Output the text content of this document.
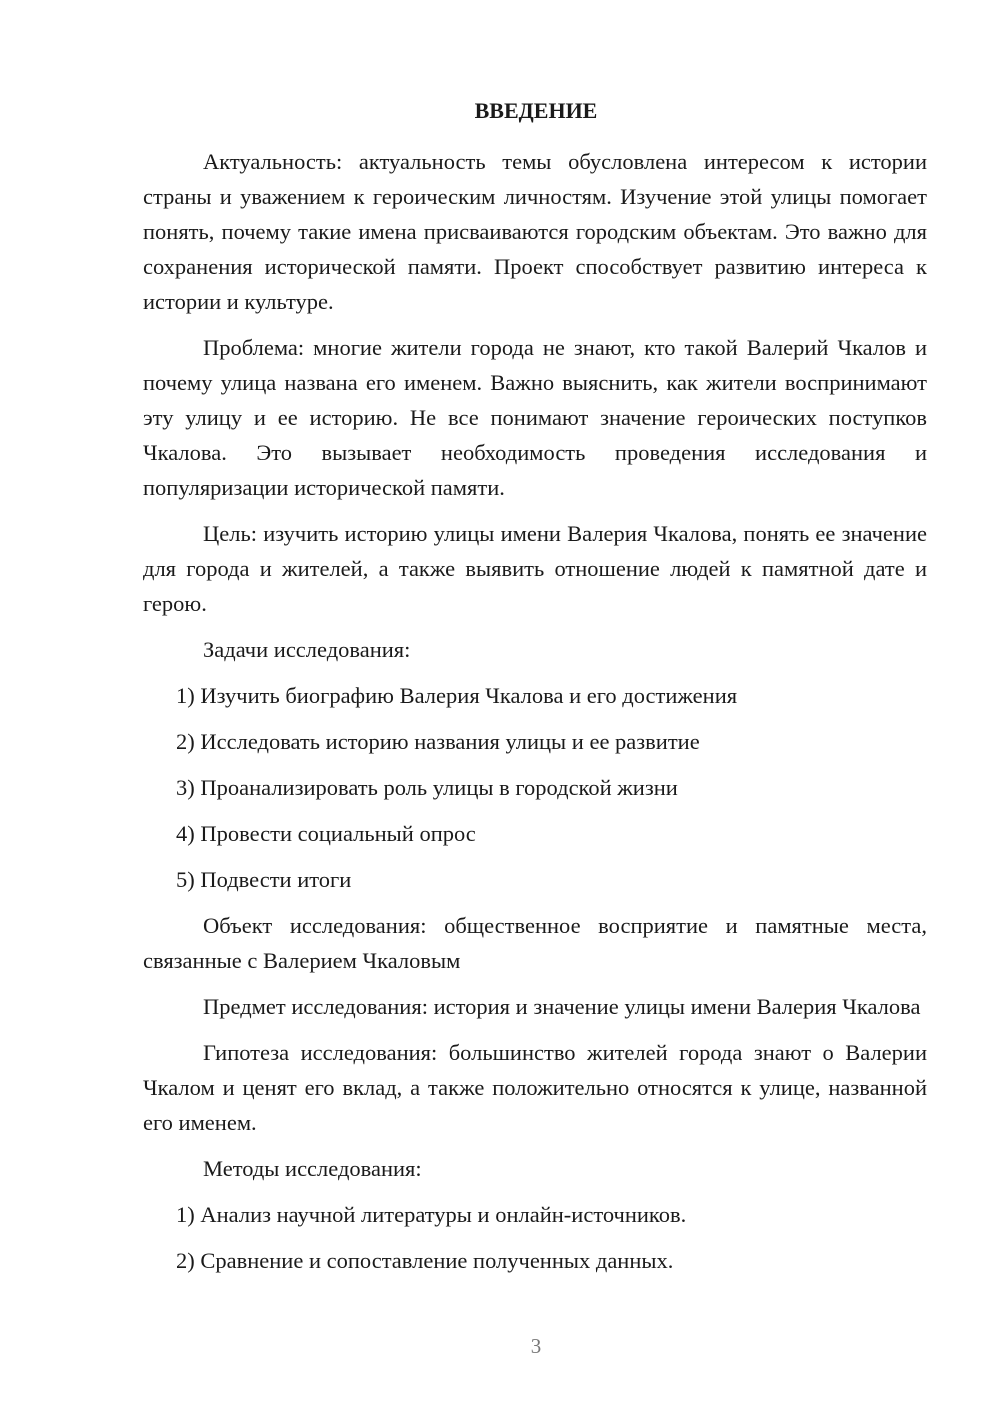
ВВЕДЕНИЕ

Актуальность: актуальность темы обусловлена интересом к истории страны и уважением к героическим личностям. Изучение этой улицы помогает понять, почему такие имена присваиваются городским объектам. Это важно для сохранения исторической памяти. Проект способствует развитию интереса к истории и культуре.

Проблема: многие жители города не знают, кто такой Валерий Чкалов и почему улица названа его именем. Важно выяснить, как жители воспринимают эту улицу и ее историю. Не все понимают значение героических поступков Чкалова. Это вызывает необходимость проведения исследования и популяризации исторической памяти.

Цель: изучить историю улицы имени Валерия Чкалова, понять ее значение для города и жителей, а также выявить отношение людей к памятной дате и герою.

Задачи исследования:

1) Изучить биографию Валерия Чкалова и его достижения

2) Исследовать историю названия улицы и ее развитие

3) Проанализировать роль улицы в городской жизни

4) Провести социальный опрос

5) Подвести итоги

Объект исследования: общественное восприятие и памятные места, связанные с Валерием Чкаловым

Предмет исследования: история и значение улицы имени Валерия Чкалова

Гипотеза исследования: большинство жителей города знают о Валерии Чкалом и ценят его вклад, а также положительно относятся к улице, названной его именем.

Методы исследования:

1) Анализ научной литературы и онлайн-источников.

2) Сравнение и сопоставление полученных данных.

3
